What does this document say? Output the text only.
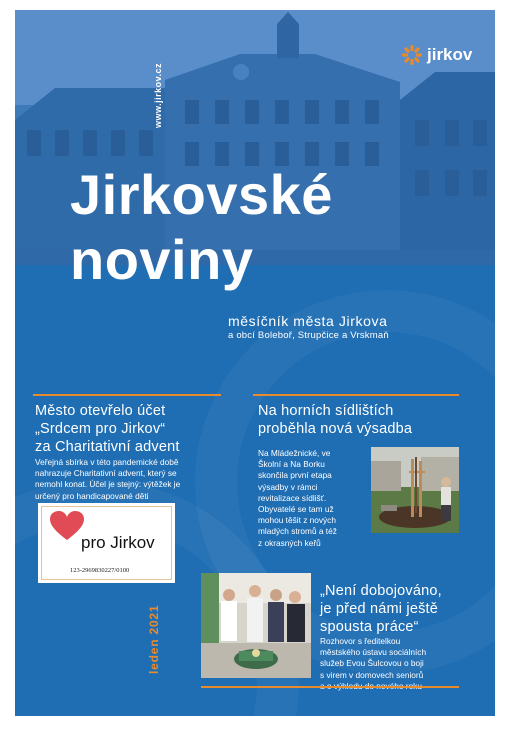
www.jirkov.cz
jirkov
Jirkovské
noviny
měsíčník města Jirkova
a obcí Boleboř, Strupčice a Vrskmaň
Město otevřelo účet
„Srdcem pro Jirkov“
za Charitativní advent
Veřejná sbírka v této pandemické době
nahrazuje Charitativní advent, který se
nemohl konat. Účel je stejný: výtěžek je
určený pro handicapované děti
pro Jirkov
123-2969830227/0100
Na horních sídlištích
proběhla nová výsadba
Na Mládežnické, ve
Školní a Na Borku
skončila první etapa
výsadby v rámci
revitalizace sídlišť.
Obyvatelé se tam už
mohou těšit z nových
mladých stromů a též
z okrasných keřů
„Není dobojováno,
je před námi ještě
spousta práce“
Rozhovor s ředitelkou
městského ústavu sociálních
služeb Evou Šulcovou o boji
s virem v domovech seniorů
leden 2021
